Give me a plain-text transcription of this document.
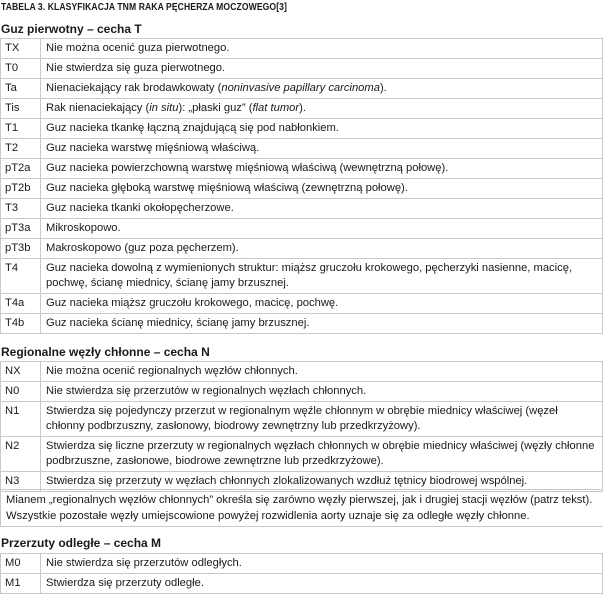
TABELA 3. KLASYFIKACJA TNM RAKA PĘCHERZA MOCZOWEGO[3]
Guz pierwotny – cecha T
TX	Nie można ocenić guza pierwotnego.
T0	Nie stwierdza się guza pierwotnego.
Ta	Nienaciekający rak brodawkowaty (noninvasive papillary carcinoma).
Tis	Rak nienaciekający (in situ): „płaski guz” (flat tumor).
T1	Guz nacieka tkankę łączną znajdującą się pod nabłonkiem.
T2	Guz nacieka warstwę mięśniową właściwą.
pT2a	Guz nacieka powierzchowną warstwę mięśniową właściwą (wewnętrzną połowę).
pT2b	Guz nacieka głęboką warstwę mięśniową właściwą (zewnętrzną połowę).
T3	Guz nacieka tkanki okołopęcherzowe.
pT3a	Mikroskopowo.
pT3b	Makroskopowo (guz poza pęcherzem).
T4	Guz nacieka dowolną z wymienionych struktur: miąższ gruczołu krokowego, pęcherzyki nasienne, macicę, pochwę, ścianę miednicy, ścianę jamy brzusznej.
T4a	Guz nacieka miąższ gruczołu krokowego, macicę, pochwę.
T4b	Guz nacieka ścianę miednicy, ścianę jamy brzusznej.
Regionalne węzły chłonne – cecha N
NX	Nie można ocenić regionalnych węzłów chłonnych.
N0	Nie stwierdza się przerzutów w regionalnych węzłach chłonnych.
N1	Stwierdza się pojedynczy przerzut w regionalnym węźle chłonnym w obrębie miednicy właściwej (węzeł chłonny podbrzuszny, zasłonowy, biodrowy zewnętrzny lub przedkrzyżowy).
N2	Stwierdza się liczne przerzuty w regionalnych węzłach chłonnych w obrębie miednicy właściwej (węzły chłonne podbrzuszne, zasłonowe, biodrowe zewnętrzne lub przedkrzyżowe).
N3	Stwierdza się przerzuty w węzłach chłonnych zlokalizowanych wzdłuż tętnicy biodrowej wspólnej.
Mianem „regionalnych węzłów chłonnych” określa się zarówno węzły pierwszej, jak i drugiej stacji węzłów (patrz tekst). Wszystkie pozostałe węzły umiejscowione powyżej rozwidlenia aorty uznaje się za odległe węzły chłonne.
Przerzuty odległe – cecha M
M0	Nie stwierdza się przerzutów odległych.
M1	Stwierdza się przerzuty odległe.
